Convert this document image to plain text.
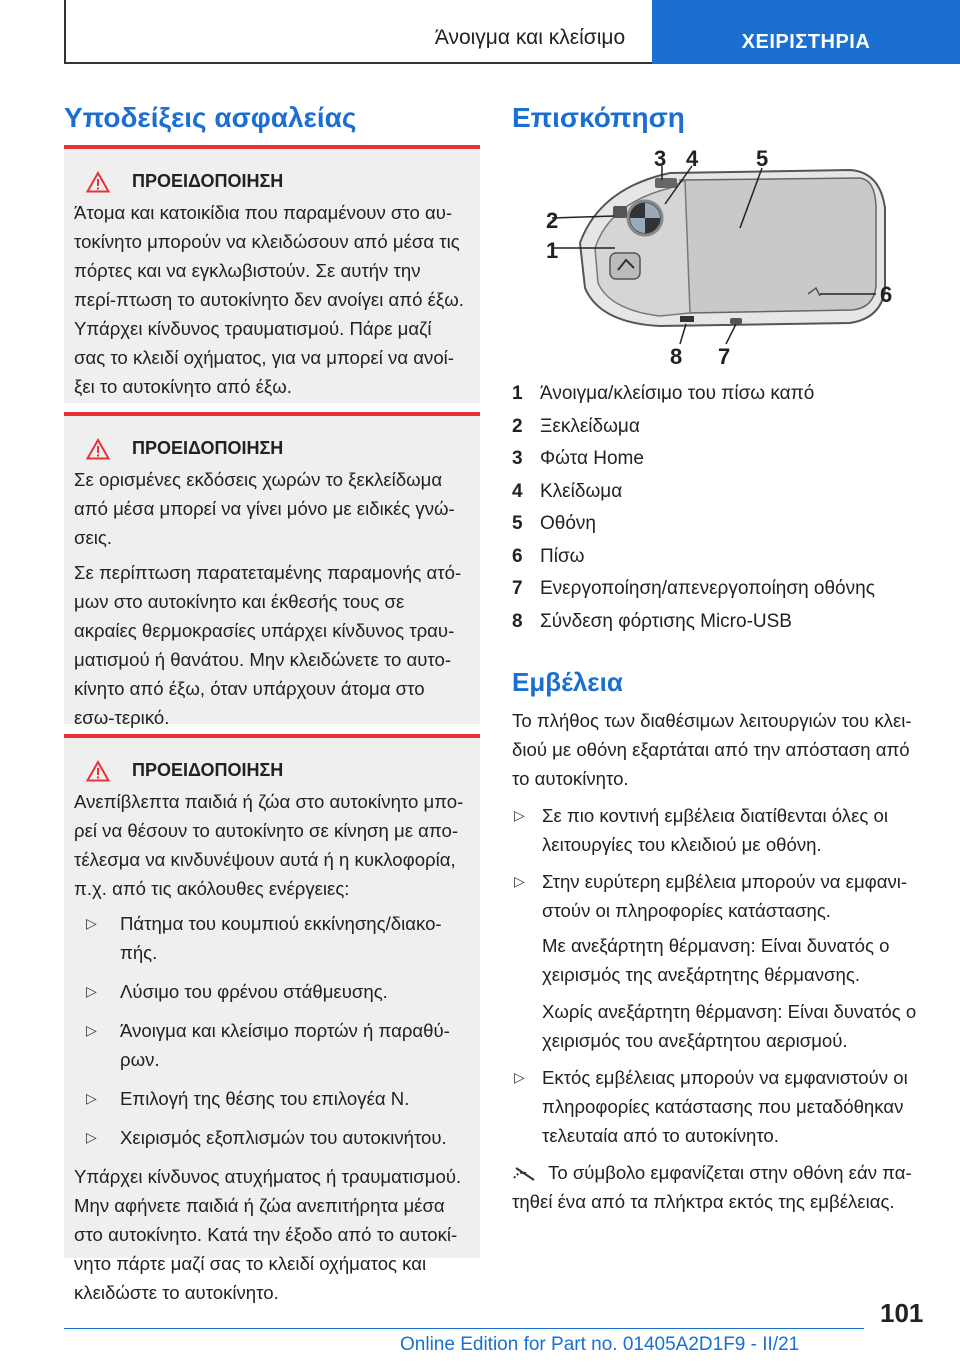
Άνοιγμα και κλείσιμο	ΧΕΙΡΙΣΤΗΡΙΑ
Υποδείξεις ασφαλείας
ΠΡΟΕΙΔΟΠΟΙΗΣΗ

Άτομα και κατοικίδια που παραμένουν στο αυ-τοκίνητο μπορούν να κλειδώσουν από μέσα τις πόρτες και να εγκλωβιστούν. Σε αυτήν την περί-πτωση το αυτοκίνητο δεν ανοίγει από έξω. Υπάρχει κίνδυνος τραυματισμού. Πάρε μαζί σας το κλειδί οχήματος, για να μπορεί να ανοί-ξει το αυτοκίνητο από έξω.

ΠΡΟΕΙΔΟΠΟΙΗΣΗ

Σε ορισμένες εκδόσεις χωρών το ξεκλείδωμα από μέσα μπορεί να γίνει μόνο με ειδικές γνώ-σεις.

Σε περίπτωση παρατεταμένης παραμονής ατό-μων στο αυτοκίνητο και έκθεσής τους σε ακραίες θερμοκρασίες υπάρχει κίνδυνος τραυ-ματισμού ή θανάτου. Μην κλειδώνετε το αυτο-κίνητο από έξω, όταν υπάρχουν άτομα στο εσω-τερικό.

ΠΡΟΕΙΔΟΠΟΙΗΣΗ

Ανεπίβλεπτα παιδιά ή ζώα στο αυτοκίνητο μπο-ρεί να θέσουν το αυτοκίνητο σε κίνηση με απο-τέλεσμα να κινδυνέψουν αυτά ή η κυκλοφορία, π.χ. από τις ακόλουθες ενέργειες:

▷ Πάτημα του κουμπιού εκκίνησης/διακο-πής.
▷ Λύσιμο του φρένου στάθμευσης.
▷ Άνοιγμα και κλείσιμο πορτών ή παραθύ-ρων.
▷ Επιλογή της θέσης του επιλογέα N.
▷ Χειρισμός εξοπλισμών του αυτοκινήτου.

Υπάρχει κίνδυνος ατυχήματος ή τραυματισμού. Μην αφήνετε παιδιά ή ζώα ανεπιτήρητα μέσα στο αυτοκίνητο. Κατά την έξοδο από το αυτοκί-νητο πάρτε μαζί σας το κλειδί οχήματος και κλειδώστε το αυτοκίνητο.

Επισκόπηση
1
2
3 4	5
6
7
8
1 Άνοιγμα/κλείσιμο του πίσω καπό
2 Ξεκλείδωμα
3 Φώτα Home
4 Κλείδωμα
5 Οθόνη
6 Πίσω
7 Ενεργοποίηση/απενεργοποίηση οθόνης
8 Σύνδεση φόρτισης Micro-USB
Εμβέλεια

Το πλήθος των διαθέσιμων λειτουργιών του κλει-διού με οθόνη εξαρτάται από την απόσταση από το αυτοκίνητο.

▷ Σε πιο κοντινή εμβέλεια διατίθενται όλες οι λειτουργίες του κλειδιού με οθόνη.
▷ Στην ευρύτερη εμβέλεια μπορούν να εμφανι-στούν οι πληροφορίες κατάστασης.

Με ανεξάρτητη θέρμανση: Είναι δυνατός ο χειρισμός της ανεξάρτητης θέρμανσης.

Χωρίς ανεξάρτητη θέρμανση: Είναι δυνατός ο χειρισμός του ανεξάρτητου αερισμού.

▷ Εκτός εμβέλειας μπορούν να εμφανιστούν οι πληροφορίες κατάστασης που μεταδόθηκαν τελευταία από το αυτοκίνητο.

Το σύμβολο εμφανίζεται στην οθόνη εάν πα-τηθεί ένα από τα πλήκτρα εκτός της εμβέλειας.

101
Online Edition for Part no. 01405A2D1F9 - II/21
